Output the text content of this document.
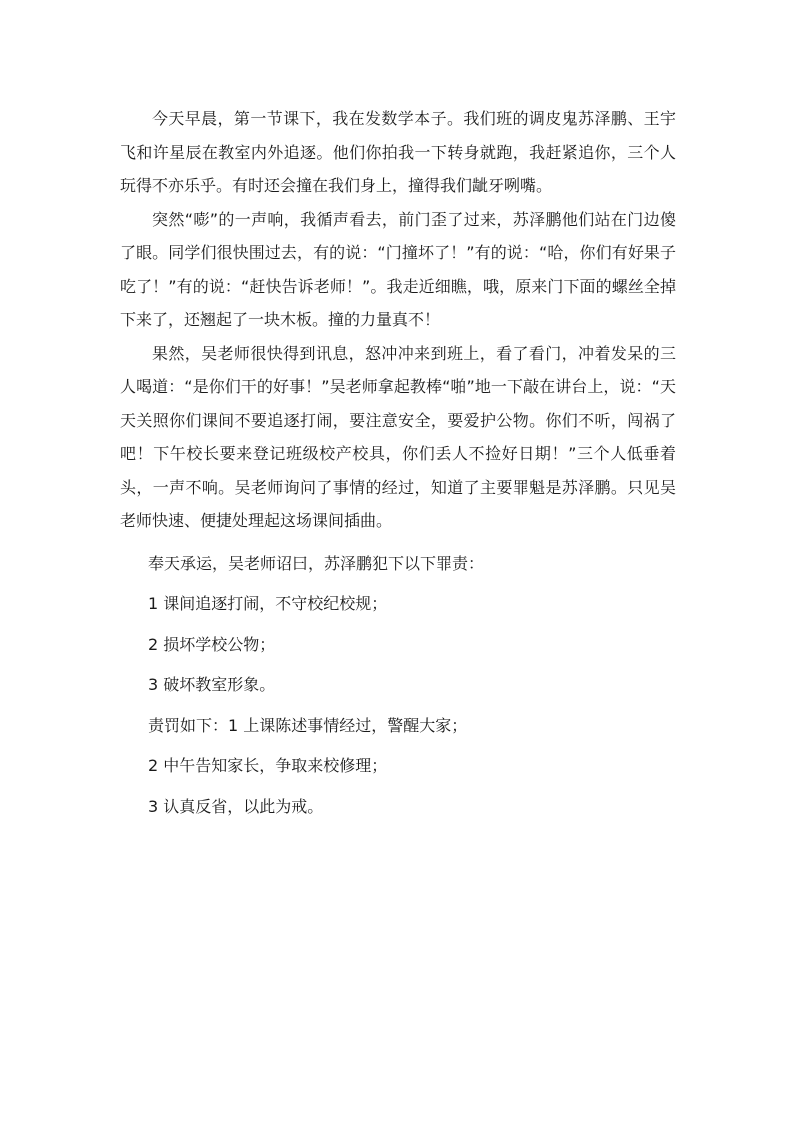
今天早晨，第一节课下，我在发数学本子。我们班的调皮鬼苏泽鹏、王宇飞和许星辰在教室内外追逐。他们你拍我一下转身就跑，我赶紧追你，三个人玩得不亦乐乎。有时还会撞在我们身上，撞得我们龇牙咧嘴。

突然“嘭”的一声响，我循声看去，前门歪了过来，苏泽鹏他们站在门边傻了眼。同学们很快围过去，有的说：“门撞坏了！”有的说：“哈，你们有好果子吃了！”有的说：“赶快告诉老师！”。我走近细瞧，哦，原来门下面的螺丝全掉下来了，还翘起了一块木板。撞的力量真不！

果然，吴老师很快得到讯息，怒冲冲来到班上，看了看门，冲着发呆的三人喝道：“是你们干的好事！”吴老师拿起教棒“啪”地一下敲在讲台上，说：“天天关照你们课间不要追逐打闹，要注意安全，要爱护公物。你们不听，闯祸了吧！下午校长要来登记班级校产校具，你们丢人不捡好日期！”三个人低垂着头，一声不响。吴老师询问了事情的经过，知道了主要罪魁是苏泽鹏。只见吴老师快速、便捷处理起这场课间插曲。

奉天承运，吴老师诏曰，苏泽鹏犯下以下罪责：

1 课间追逐打闹，不守校纪校规；

2 损坏学校公物；

3 破坏教室形象。

责罚如下：1 上课陈述事情经过，警醒大家；

2 中午告知家长，争取来校修理；

3 认真反省，以此为戒。
